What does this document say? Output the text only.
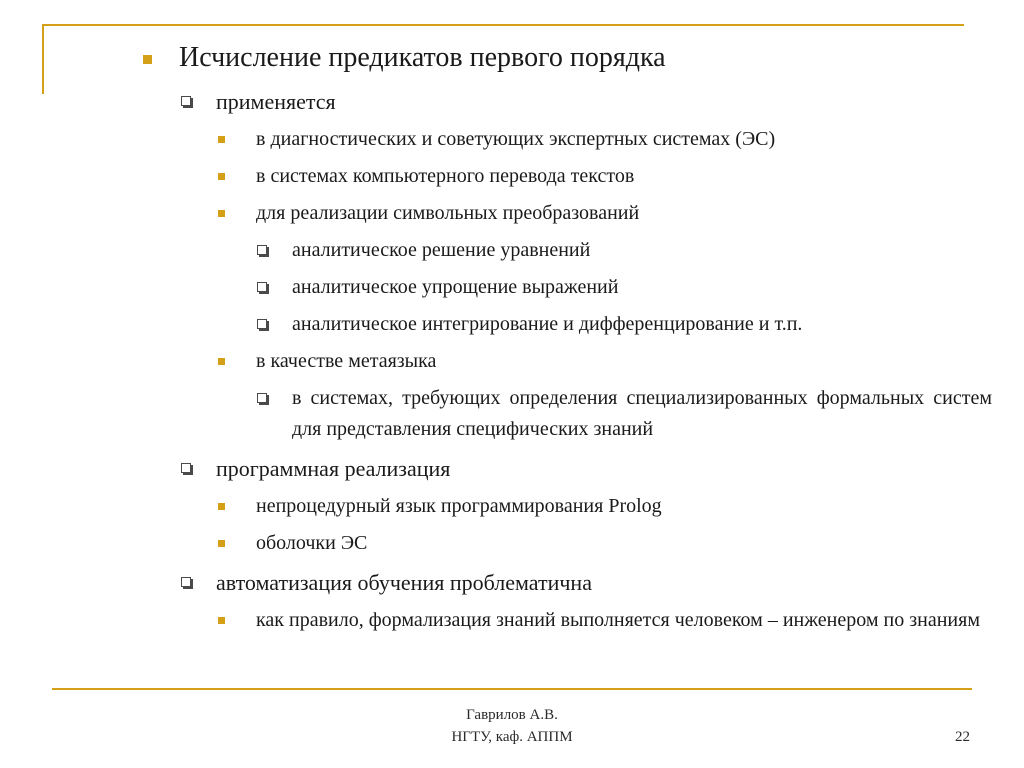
Исчисление предикатов первого порядка
применяется
в диагностических и советующих экспертных системах (ЭС)
в системах компьютерного перевода текстов
для реализации символьных преобразований
аналитическое решение уравнений
аналитическое упрощение выражений
аналитическое интегрирование и дифференцирование и т.п.
в качестве метаязыка
в системах, требующих определения специализированных формальных систем для представления специфических знаний
программная реализация
непроцедурный язык программирования Prolog
оболочки ЭС
автоматизация обучения проблематична
как правило, формализация знаний выполняется человеком – инженером по знаниям
Гаврилов А.В.
НГТУ, каф. АППМ	22
